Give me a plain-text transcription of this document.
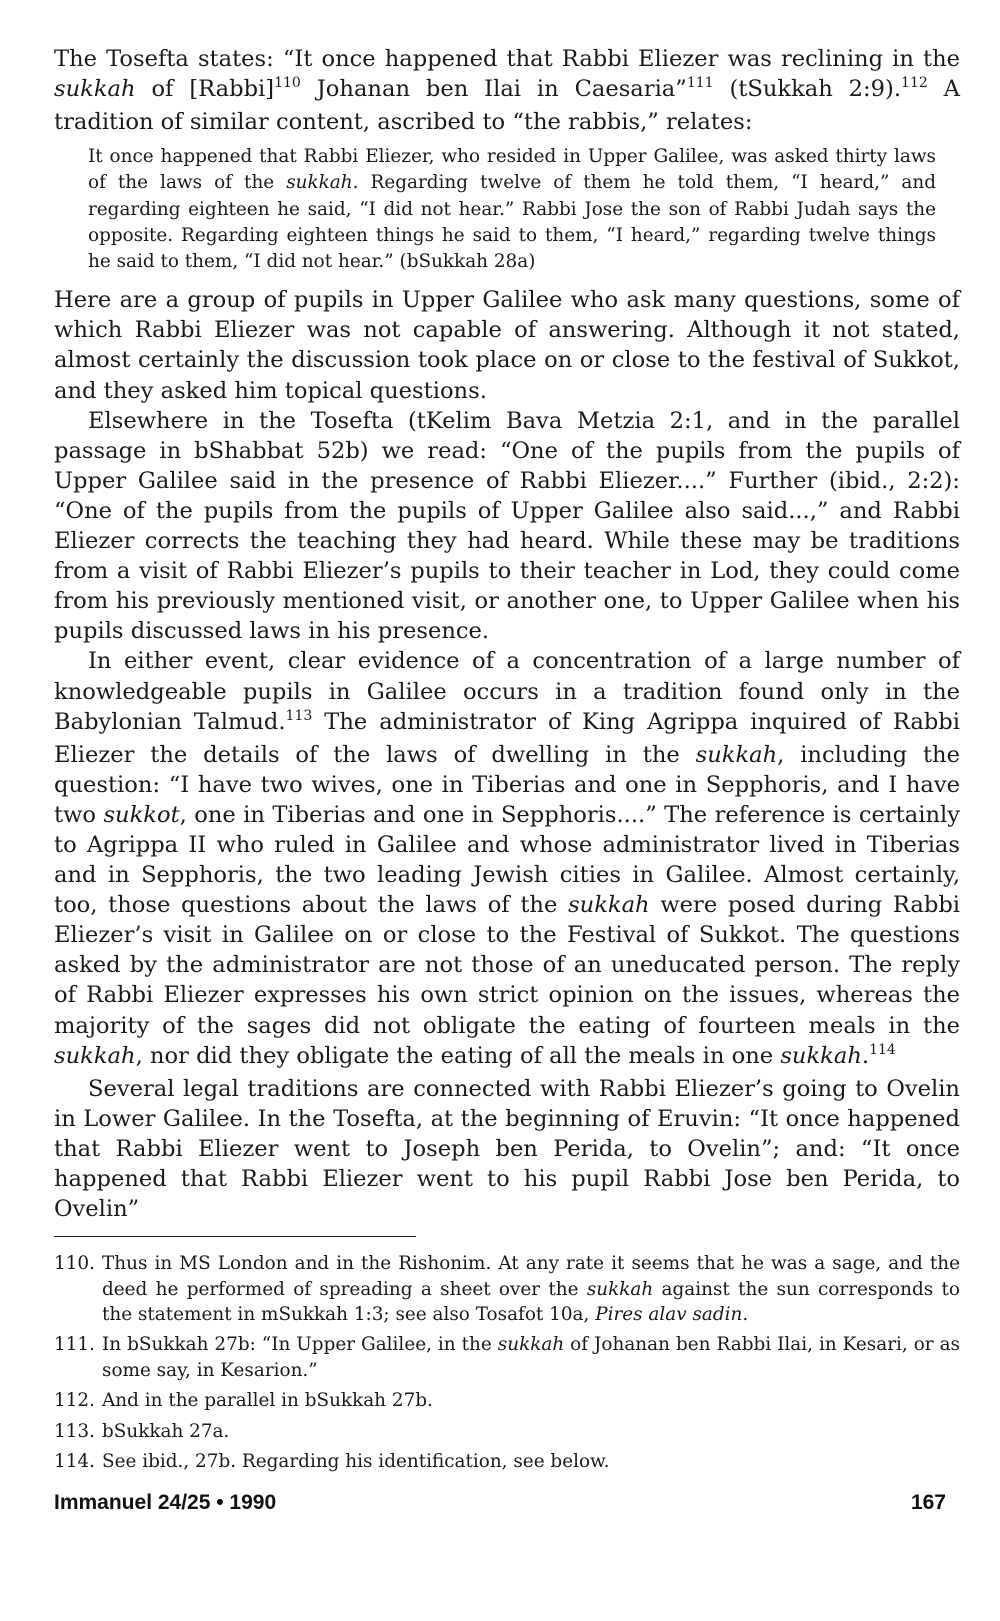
The Tosefta states: “It once happened that Rabbi Eliezer was reclining in the sukkah of [Rabbi]$^{110}$ Johanan ben Ilai in Caesaria”$^{111}$ (tSukkah 2:9).$^{112}$ A tradition of similar content, ascribed to “the rabbis,” relates:

It once happened that Rabbi Eliezer, who resided in Upper Galilee, was asked thirty laws of the laws of the sukkah. Regarding twelve of them he told them, “I heard,” and regarding eighteen he said, “I did not hear.” Rabbi Jose the son of Rabbi Judah says the opposite. Regarding eighteen things he said to them, “I heard,” regarding twelve things he said to them, “I did not hear.” (bSukkah 28a)

Here are a group of pupils in Upper Galilee who ask many questions, some of which Rabbi Eliezer was not capable of answering. Although it not stated, almost certainly the discussion took place on or close to the festival of Sukkot, and they asked him topical questions.

Elsewhere in the Tosefta (tKelim Bava Metzia 2:1, and in the parallel passage in bShabbat 52b) we read: “One of the pupils from the pupils of Upper Galilee said in the presence of Rabbi Eliezer....” Further (ibid., 2:2): “One of the pupils from the pupils of Upper Galilee also said...,” and Rabbi Eliezer corrects the teaching they had heard. While these may be traditions from a visit of Rabbi Eliezer’s pupils to their teacher in Lod, they could come from his previously mentioned visit, or another one, to Upper Galilee when his pupils discussed laws in his presence.

In either event, clear evidence of a concentration of a large number of knowledgeable pupils in Galilee occurs in a tradition found only in the Babylonian Talmud.$^{113}$ The administrator of King Agrippa inquired of Rabbi Eliezer the details of the laws of dwelling in the sukkah, including the question: “I have two wives, one in Tiberias and one in Sepphoris, and I have two sukkot, one in Tiberias and one in Sepphoris....” The reference is certainly to Agrippa II who ruled in Galilee and whose administrator lived in Tiberias and in Sepphoris, the two leading Jewish cities in Galilee. Almost certainly, too, those questions about the laws of the sukkah were posed during Rabbi Eliezer’s visit in Galilee on or close to the Festival of Sukkot. The questions asked by the administrator are not those of an uneducated person. The reply of Rabbi Eliezer expresses his own strict opinion on the issues, whereas the majority of the sages did not obligate the eating of fourteen meals in the sukkah, nor did they obligate the eating of all the meals in one sukkah.$^{114}$

Several legal traditions are connected with Rabbi Eliezer’s going to Ovelin in Lower Galilee. In the Tosefta, at the beginning of Eruvin: “It once happened that Rabbi Eliezer went to Joseph ben Perida, to Ovelin”; and: “It once happened that Rabbi Eliezer went to his pupil Rabbi Jose ben Perida, to Ovelin”

110. Thus in MS London and in the Rishonim. At any rate it seems that he was a sage, and the deed he performed of spreading a sheet over the sukkah against the sun corresponds to the statement in mSukkah 1:3; see also Tosafot 10a, Pires alav sadin.

111. In bSukkah 27b: “In Upper Galilee, in the sukkah of Johanan ben Rabbi Ilai, in Kesari, or as some say, in Kesarion.”

112. And in the parallel in bSukkah 27b.

113. bSukkah 27a.

114. See ibid., 27b. Regarding his identification, see below.

Immanuel 24/25 • 1990	167
